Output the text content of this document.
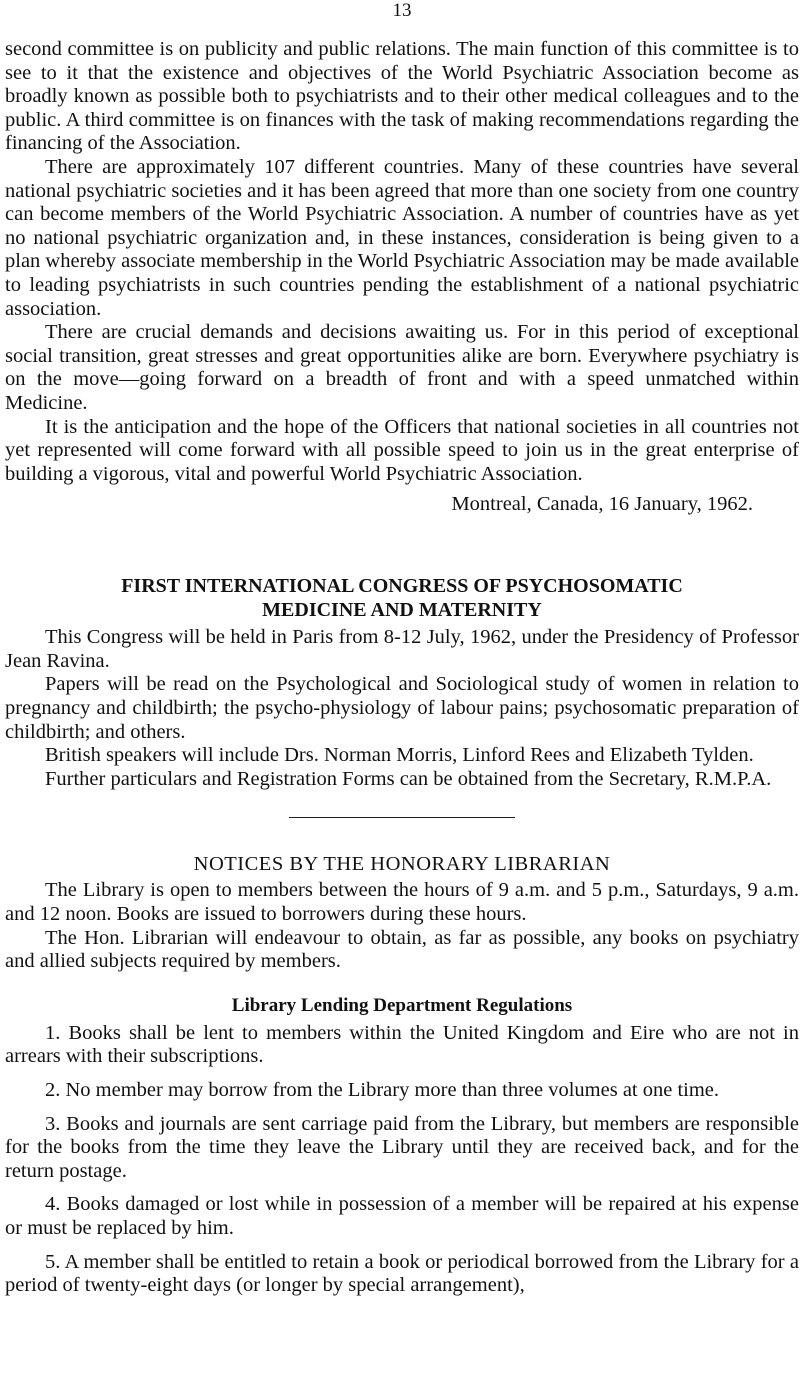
13

second committee is on publicity and public relations. The main function of this committee is to see to it that the existence and objectives of the World Psychiatric Association become as broadly known as possible both to psychiatrists and to their other medical colleagues and to the public. A third committee is on finances with the task of making recommendations regarding the financing of the Association.

There are approximately 107 different countries. Many of these countries have several national psychiatric societies and it has been agreed that more than one society from one country can become members of the World Psychiatric Association. A number of countries have as yet no national psychiatric organization and, in these instances, consideration is being given to a plan whereby associate membership in the World Psychiatric Association may be made available to leading psychiatrists in such countries pending the establishment of a national psychiatric association.

There are crucial demands and decisions awaiting us. For in this period of exceptional social transition, great stresses and great opportunities alike are born. Everywhere psychiatry is on the move—going forward on a breadth of front and with a speed unmatched within Medicine.

It is the anticipation and the hope of the Officers that national societies in all countries not yet represented will come forward with all possible speed to join us in the great enterprise of building a vigorous, vital and powerful World Psychiatric Association.

Montreal, Canada, 16 January, 1962.
FIRST INTERNATIONAL CONGRESS OF PSYCHOSOMATIC
MEDICINE AND MATERNITY

This Congress will be held in Paris from 8-12 July, 1962, under the Presidency of Professor Jean Ravina.

Papers will be read on the Psychological and Sociological study of women in relation to pregnancy and childbirth; the psycho-physiology of labour pains; psychosomatic preparation of childbirth; and others.

British speakers will include Drs. Norman Morris, Linford Rees and Elizabeth Tylden.

Further particulars and Registration Forms can be obtained from the Secretary, R.M.P.A.

NOTICES BY THE HONORARY LIBRARIAN

The Library is open to members between the hours of 9 a.m. and 5 p.m., Saturdays, 9 a.m. and 12 noon. Books are issued to borrowers during these hours.

The Hon. Librarian will endeavour to obtain, as far as possible, any books on psychiatry and allied subjects required by members.

Library Lending Department Regulations

1. Books shall be lent to members within the United Kingdom and Eire who are not in arrears with their subscriptions.

2. No member may borrow from the Library more than three volumes at one time.

3. Books and journals are sent carriage paid from the Library, but members are responsible for the books from the time they leave the Library until they are received back, and for the return postage.

4. Books damaged or lost while in possession of a member will be repaired at his expense or must be replaced by him.

5. A member shall be entitled to retain a book or periodical borrowed from the Library for a period of twenty-eight days (or longer by special arrangement),
